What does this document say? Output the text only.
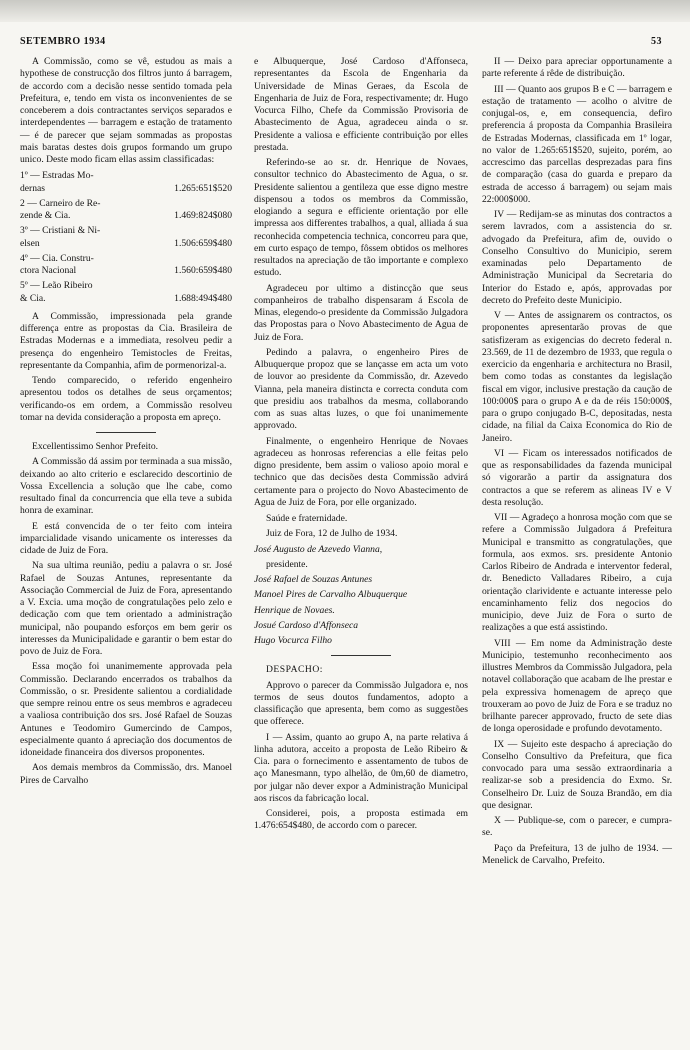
SETEMBRO 1934	53

A Commissão, como se vê, estudou as mais a hypothese de construcção dos filtros junto á barragem, de accordo com a decisão nesse sentido tomada pela Prefeitura, e, tendo em vista os inconvenientes de se conceberem a dois contractantes serviços separados e interdependentes — barragem e estação de tratamento — é de parecer que sejam sommadas as propostas mais baratas destes dois grupos formando um grupo unico. Deste modo ficam ellas assim classificadas:

1º — Estradas Mo-
dernas	1.265:651$520
2 — Carneiro de Re-
zende & Cia.	1.469:824$080
3º — Cristiani & Ni-
elsen	1.506:659$480
4º — Cia. Constru-
ctora Nacional	1.560:659$480
5º — Leão Ribeiro
& Cia.	1.688:494$480

A Commissão, impressionada pela grande differença entre as propostas da Cia. Brasileira de Estradas Modernas e a immediata, resolveu pedir a presença do engenheiro Temistocles de Freitas, representante da Companhia, afim de pormenorizal-a.

Tendo comparecido, o referido engenheiro apresentou todos os detalhes de seus orçamentos; verificando-os em ordem, a Commissão resolveu tomar na devida consideração a proposta em apreço.

Excellentissimo Senhor Prefeito.

A Commissão dá assim por terminada a sua missão, deixando ao alto criterio e esclarecido descortinio de Vossa Excellencia a solução que lhe cabe, como resultado final da concurrencia que ella teve a subida honra de examinar.

E está convencida de o ter feito com inteira imparcialidade visando unicamente os interesses da cidade de Juiz de Fora.

Na sua ultima reunião, pediu a palavra o sr. José Rafael de Souzas Antunes, representante da Associação Commercial de Juiz de Fora, apresentando a V. Excia. uma moção de congratulações pelo zelo e dedicação com que tem orientado a administração municipal, não poupando esforços em bem gerir os interesses da Municipalidade e garantir o bem estar do povo de Juiz de Fora.

Essa moção foi unanimemente approvada pela Commissão. Declarando encerrados os trabalhos da Commissão, o sr. Presidente salientou a cordialidade que sempre reinou entre os seus membros e agradeceu a vaaliosa contribuição dos srs. José Rafael de Souzas Antunes e Teodomiro Gumercindo de Campos, especialmente quanto á apreciação dos documentos de idoneidade financeira dos diversos proponentes.

Aos demais membros da Commissão, drs. Manoel Pires de Carvalho

e Albuquerque, José Cardoso d'Affonseca, representantes da Escola de Engenharia da Universidade de Minas Geraes, da Escola de Engenharia de Juiz de Fora, respectivamente; dr. Hugo Vocurca Filho, Chefe da Commissão Provisoria de Abastecimento de Agua, agradeceu ainda o sr. Presidente a valiosa e efficiente contribuição por elles prestada.

Referindo-se ao sr. dr. Henrique de Novaes, consultor technico do Abastecimento de Agua, o sr. Presidente salientou a gentileza que esse digno mestre dispensou a todos os membros da Commissão, elogiando a segura e efficiente orientação por elle impressa aos differentes trabalhos, a qual, alliada á sua reconhecida competencia technica, concorreu para que, em curto espaço de tempo, fôssem obtidos os melhores resultados na apreciação de tão importante e complexo estudo.

Agradeceu por ultimo a distincção que seus companheiros de trabalho dispensaram á Escola de Minas, elegendo-o presidente da Commissão Julgadora das Propostas para o Novo Abastecimento de Agua de Juiz de Fora.

Pedindo a palavra, o engenheiro Pires de Albuquerque propoz que se lançasse em acta um voto de louvor ao presidente da Commissão, dr. Azevedo Vianna, pela maneira distincta e correcta conduta com que presidiu aos trabalhos da mesma, collaborando com as suas altas luzes, o que foi unanimemente approvado.

Finalmente, o engenheiro Henrique de Novaes agradeceu as honrosas referencias a elle feitas pelo digno presidente, bem assim o valioso apoio moral e technico que das decisões desta Commissão advirá certamente para o projecto do Novo Abastecimento de Agua de Juiz de Fora, por elle organizado.

Saúde e fraternidade.

Juiz de Fora, 12 de Julho de 1934.

José Augusto de Azevedo Vianna,

presidente.

José Rafael de Souzas Antunes

Manoel Pires de Carvalho Albuquerque

Henrique de Novaes.

Josué Cardoso d'Affonseca

Hugo Vocurca Filho

DESPACHO:

Approvo o parecer da Commissão Julgadora e, nos termos de seus doutos fundamentos, adopto a classificação que apresenta, bem como as suggestões que offerece.

I — Assim, quanto ao grupo A, na parte relativa á linha adutora, acceito a proposta de Leão Ribeiro & Cia. para o fornecimento e assentamento de tubos de aço Manesmann, typo alhelão, de 0m,60 de diametro, por julgar não dever expor a Administração Municipal aos riscos da fabricação local.

Considerei, pois, a proposta estimada em 1.476:654$480, de accordo com o parecer.

II — Deixo para apreciar opportunamente a parte referente á rêde de distribuição.

III — Quanto aos grupos B e C — barragem e estação de tratamento — acolho o alvitre de conjugal-os, e, em consequencia, defiro preferencia á proposta da Companhia Brasileira de Estradas Modernas, classificada em 1º logar, no valor de 1.265:651$520, sujeito, porém, ao accrescimo das parcellas desprezadas para fins de comparação (casa do guarda e preparo da estrada de accesso á barragem) ou sejam mais 22:000$000.

IV — Redijam-se as minutas dos contractos a serem lavrados, com a assistencia do sr. advogado da Prefeitura, afim de, ouvido o Conselho Consultivo do Municipio, serem examinadas pelo Departamento de Administração Municipal da Secretaria do Interior do Estado e, após, approvadas por decreto do Prefeito deste Municipio.

V — Antes de assignarem os contractos, os proponentes apresentarão provas de que satisfizeram as exigencias do decreto federal n. 23.569, de 11 de dezembro de 1933, que regula o exercicio da engenharia e architectura no Brasil, bem como todas as constantes da legislação fiscal em vigor, inclusive prestação da caução de 100:000$ para o grupo A e da de réis 150:000$, para o grupo conjugado B-C, depositadas, nesta cidade, na filial da Caixa Economica do Rio de Janeiro.

VI — Ficam os interessados notificados de que as responsabilidades da fazenda municipal só vigorarão a partir da assignatura dos contractos a que se referem as alineas IV e V desta resolução.

VII — Agradeço a honrosa moção com que se refere a Commissão Julgadora á Prefeitura Municipal e transmitto as congratulações, que formula, aos exmos. srs. presidente Antonio Carlos Ribeiro de Andrada e interventor federal, dr. Benedicto Valladares Ribeiro, a cuja orientação clarividente e actuante interesse pelo encaminhamento feliz dos negocios do municipio, deve Juiz de Fora o surto de realizações a que está assistindo.

VIII — Em nome da Administração deste Municipio, testemunho reconhecimento aos illustres Membros da Commissão Julgadora, pela notavel collaboração que acabam de lhe prestar e pela expressiva homenagem de apreço que trouxeram ao povo de Juiz de Fora e se traduz no brilhante parecer approvado, fructo de sete dias de longa operosidade e profundo devotamento.

IX — Sujeito este despacho á apreciação do Conselho Consultivo da Prefeitura, que fica convocado para uma sessão extraordinaria a realizar-se sob a presidencia do Exmo. Sr. Conselheiro Dr. Luiz de Souza Brandão, em dia que designar.

X — Publique-se, com o parecer, e cumpra-se.

Paço da Prefeitura, 13 de julho de 1934. — Menelick de Carvalho, Prefeito.
